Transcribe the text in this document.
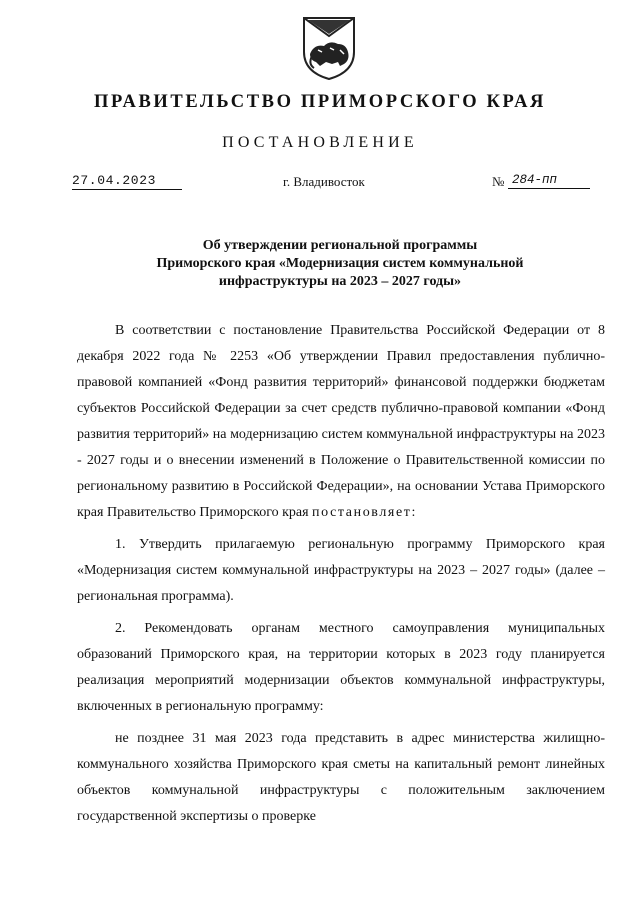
ПРАВИТЕЛЬСТВО ПРИМОРСКОГО КРАЯ
ПОСТАНОВЛЕНИЕ
27.04.2023	г. Владивосток	№ 284-пп
Об утверждении региональной программы
Приморского края «Модернизация систем коммунальной
инфраструктуры на 2023 – 2027 годы»

В соответствии с постановление Правительства Российской Федерации от 8 декабря 2022 года № 2253 «Об утверждении Правил предоставления публично-правовой компанией «Фонд развития территорий» финансовой поддержки бюджетам субъектов Российской Федерации за счет средств публично-правовой компании «Фонд развития территорий» на модернизацию систем коммунальной инфраструктуры на 2023 - 2027 годы и о внесении изменений в Положение о Правительственной комиссии по региональному развитию в Российской Федерации», на основании Устава Приморского края Правительство Приморского края постановляет:

1. Утвердить прилагаемую региональную программу Приморского края «Модернизация систем коммунальной инфраструктуры на 2023 – 2027 годы» (далее – региональная программа).

2. Рекомендовать органам местного самоуправления муниципальных образований Приморского края, на территории которых в 2023 году планируется реализация мероприятий модернизации объектов коммунальной инфраструктуры, включенных в региональную программу:

не позднее 31 мая 2023 года представить в адрес министерства жилищно-коммунального хозяйства Приморского края сметы на капитальный ремонт линейных объектов коммунальной инфраструктуры с положительным заключением государственной экспертизы о проверке
